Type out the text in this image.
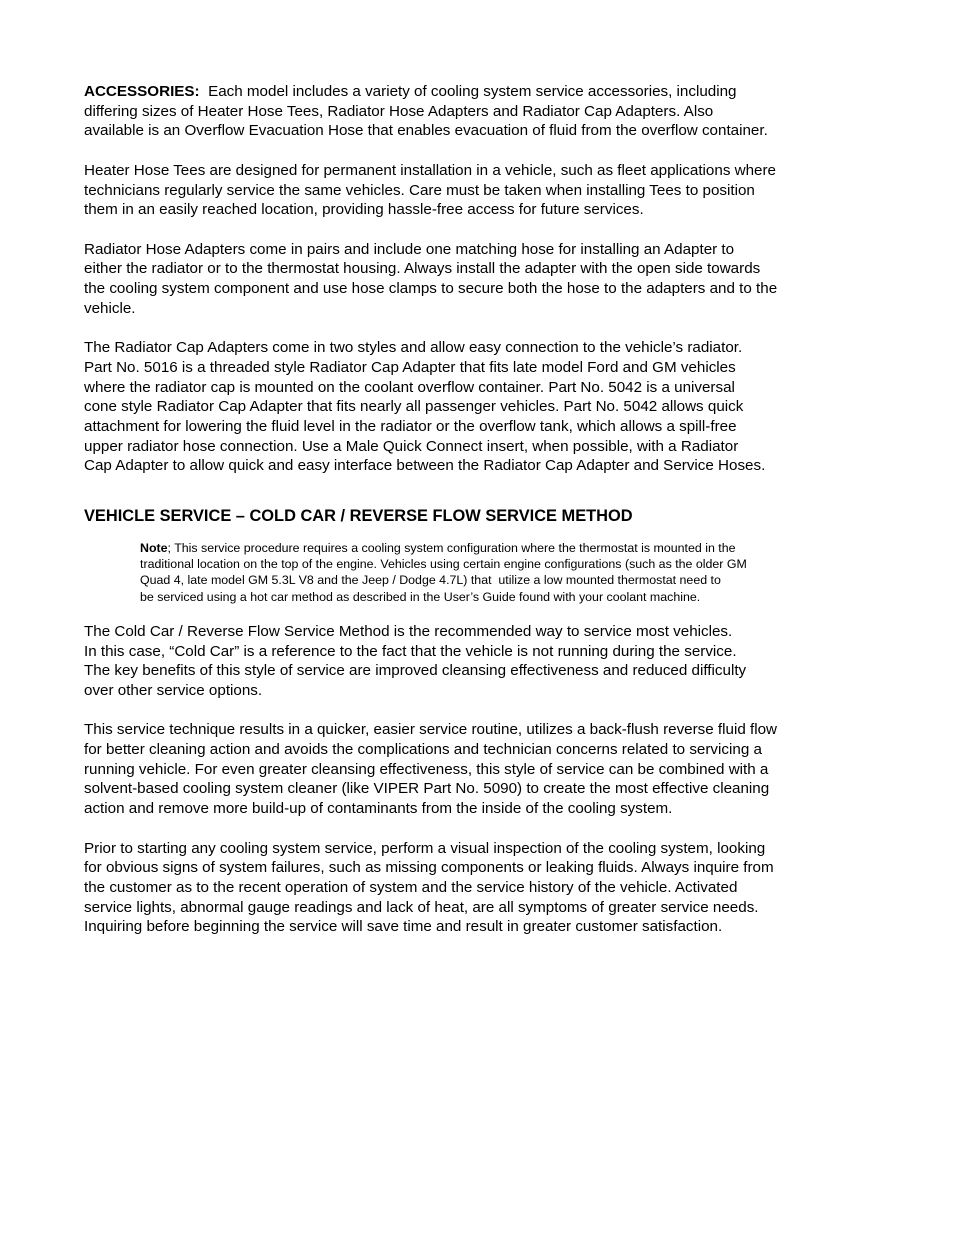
ACCESSORIES:  Each model includes a variety of cooling system service accessories, including
differing sizes of Heater Hose Tees, Radiator Hose Adapters and Radiator Cap Adapters. Also
available is an Overflow Evacuation Hose that enables evacuation of fluid from the overflow container.

Heater Hose Tees are designed for permanent installation in a vehicle, such as fleet applications where
technicians regularly service the same vehicles. Care must be taken when installing Tees to position
them in an easily reached location, providing hassle-free access for future services.

Radiator Hose Adapters come in pairs and include one matching hose for installing an Adapter to
either the radiator or to the thermostat housing. Always install the adapter with the open side towards
the cooling system component and use hose clamps to secure both the hose to the adapters and to the
vehicle.

The Radiator Cap Adapters come in two styles and allow easy connection to the vehicle’s radiator.
Part No. 5016 is a threaded style Radiator Cap Adapter that fits late model Ford and GM vehicles
where the radiator cap is mounted on the coolant overflow container. Part No. 5042 is a universal
cone style Radiator Cap Adapter that fits nearly all passenger vehicles. Part No. 5042 allows quick
attachment for lowering the fluid level in the radiator or the overflow tank, which allows a spill-free
upper radiator hose connection. Use a Male Quick Connect insert, when possible, with a Radiator
Cap Adapter to allow quick and easy interface between the Radiator Cap Adapter and Service Hoses.

VEHICLE SERVICE – COLD CAR / REVERSE FLOW SERVICE METHOD
Note; This service procedure requires a cooling system configuration where the thermostat is mounted in the
traditional location on the top of the engine. Vehicles using certain engine configurations (such as the older GM
Quad 4, late model GM 5.3L V8 and the Jeep / Dodge 4.7L) that  utilize a low mounted thermostat need to
be serviced using a hot car method as described in the User’s Guide found with your coolant machine.

The Cold Car / Reverse Flow Service Method is the recommended way to service most vehicles.
In this case, “Cold Car” is a reference to the fact that the vehicle is not running during the service.
The key benefits of this style of service are improved cleansing effectiveness and reduced difficulty
over other service options.

This service technique results in a quicker, easier service routine, utilizes a back-flush reverse fluid flow
for better cleaning action and avoids the complications and technician concerns related to servicing a
running vehicle. For even greater cleansing effectiveness, this style of service can be combined with a
solvent-based cooling system cleaner (like VIPER Part No. 5090) to create the most effective cleaning
action and remove more build-up of contaminants from the inside of the cooling system.

Prior to starting any cooling system service, perform a visual inspection of the cooling system, looking
for obvious signs of system failures, such as missing components or leaking fluids. Always inquire from
the customer as to the recent operation of system and the service history of the vehicle. Activated
service lights, abnormal gauge readings and lack of heat, are all symptoms of greater service needs.
Inquiring before beginning the service will save time and result in greater customer satisfaction.
